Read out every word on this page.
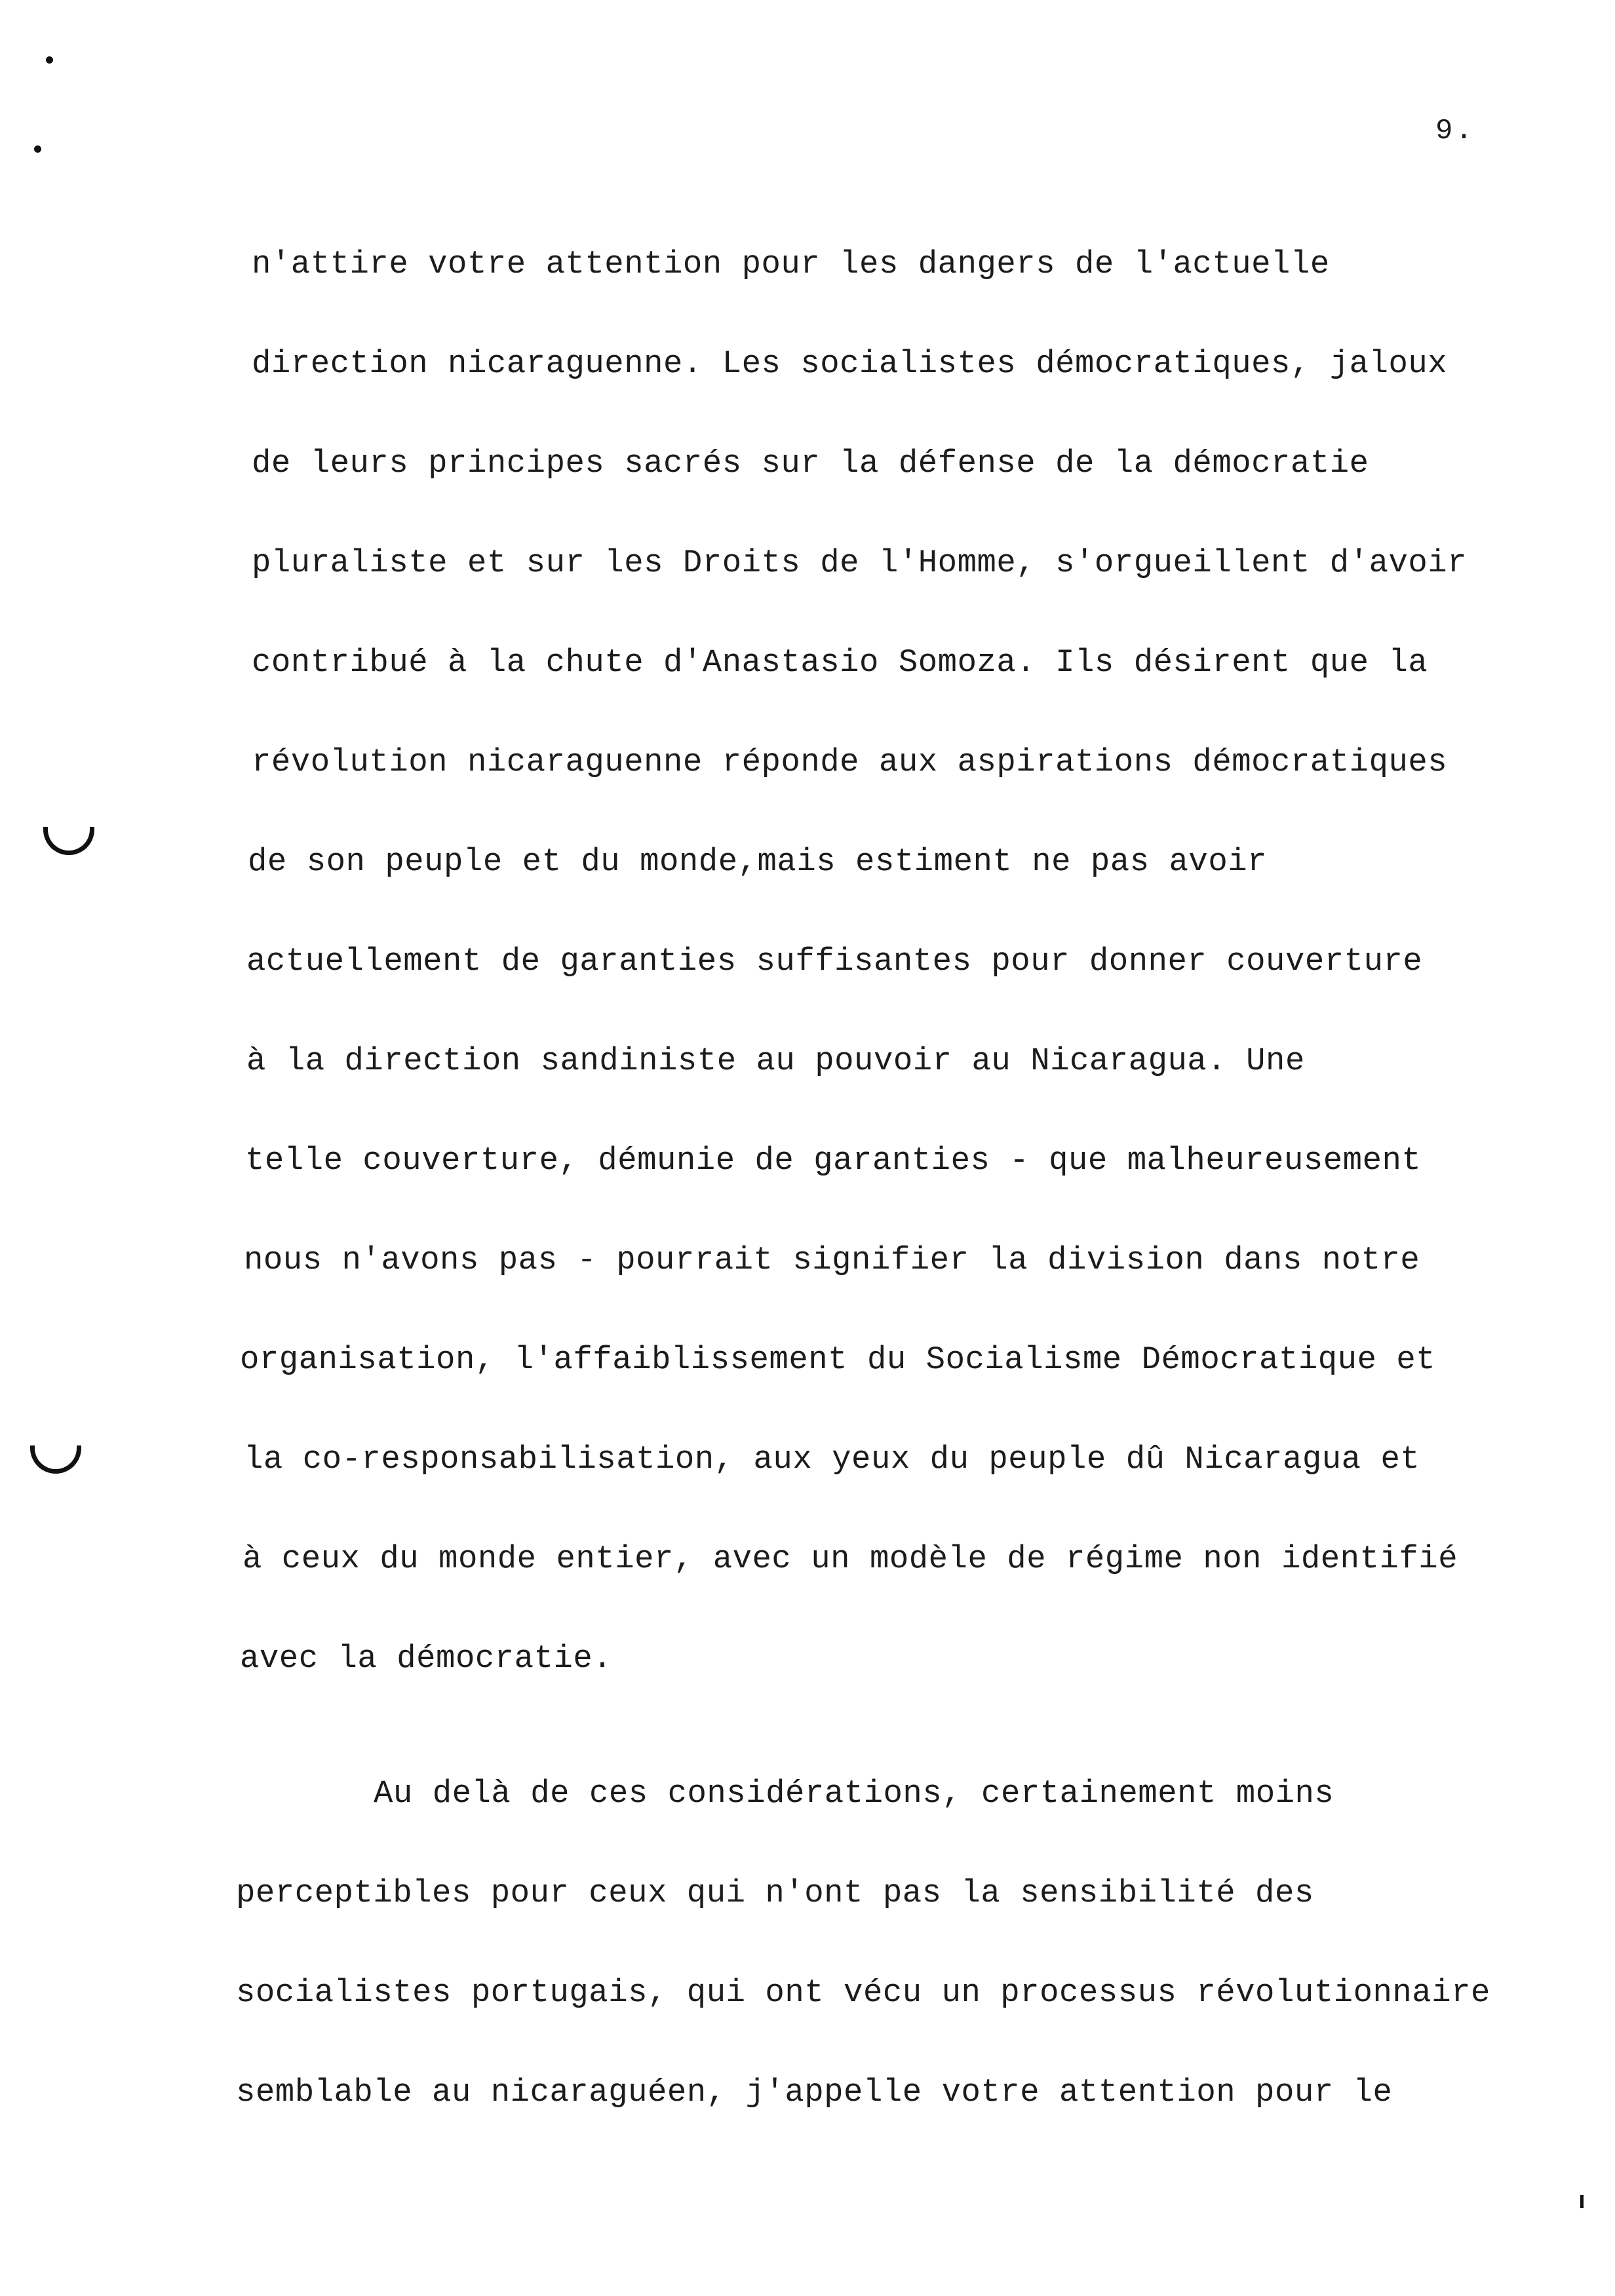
9.

n'attire votre attention pour les dangers de l'actuelle

direction nicaraguenne. Les socialistes démocratiques, jaloux

de leurs principes sacrés sur la défense de la démocratie

pluraliste et sur les Droits de l'Homme, s'orgueillent d'avoir

contribué à la chute d'Anastasio Somoza. Ils désirent que la

révolution nicaraguenne réponde aux aspirations démocratiques

de son peuple et du monde,mais estiment ne pas avoir

actuellement de garanties suffisantes pour donner couverture

à la direction sandiniste au pouvoir au Nicaragua. Une

telle couverture, démunie de garanties - que malheureusement

nous n'avons pas - pourrait signifier la division dans notre

organisation, l'affaiblissement du Socialisme Démocratique et

la co-responsabilisation, aux yeux du peuple dû Nicaragua et

à ceux du monde entier, avec un modèle de régime non identifié

avec la démocratie.

Au delà de ces considérations, certainement moins

perceptibles pour ceux qui n'ont pas la sensibilité des

socialistes portugais, qui ont vécu un processus révolutionnaire

semblable au nicaraguéen, j'appelle votre attention pour le
